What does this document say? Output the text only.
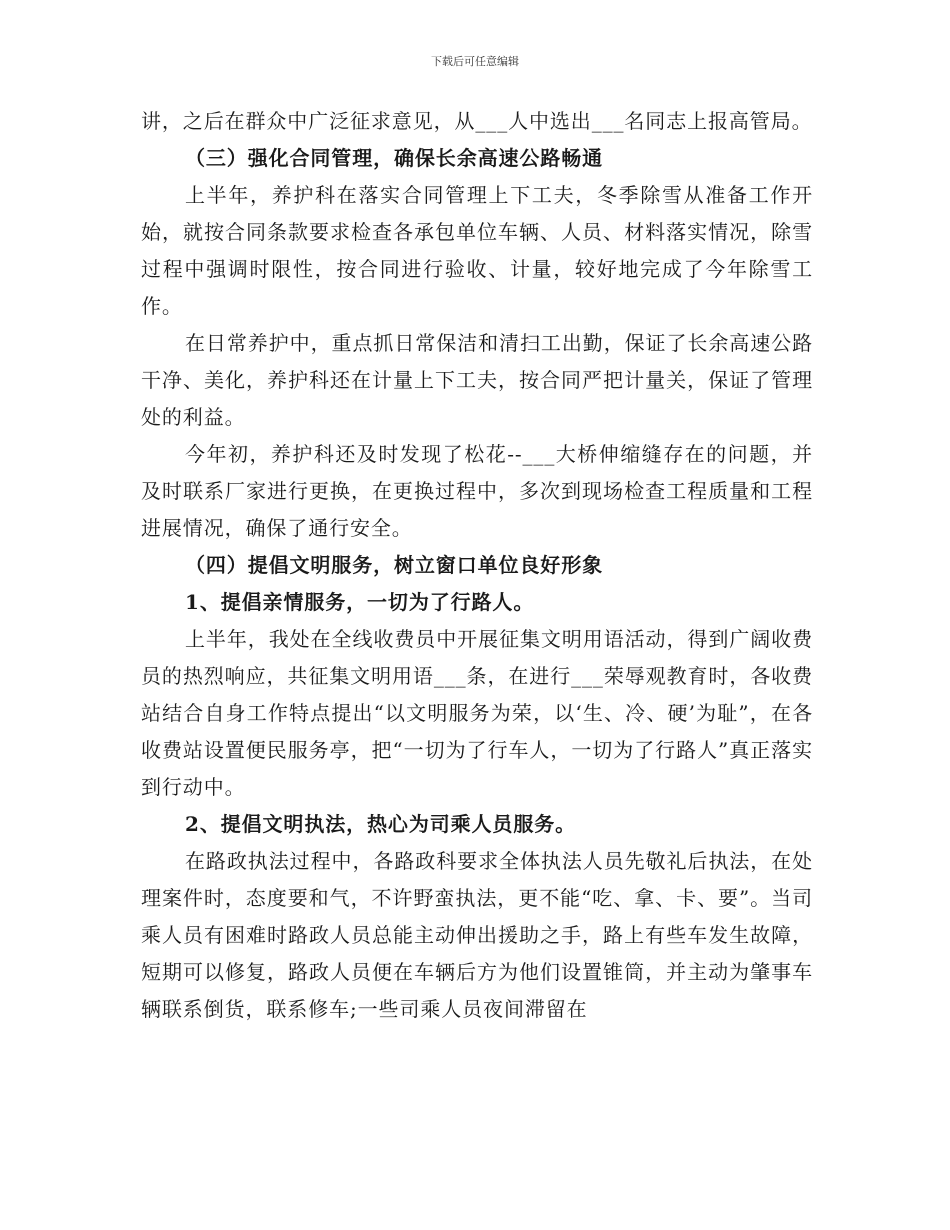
下载后可任意编辑

讲，之后在群众中广泛征求意见，从___人中选出___名同志上报高管局。

（三）强化合同管理，确保长余高速公路畅通

上半年，养护科在落实合同管理上下工夫，冬季除雪从准备工作开始，就按合同条款要求检查各承包单位车辆、人员、材料落实情况，除雪过程中强调时限性，按合同进行验收、计量，较好地完成了今年除雪工作。

在日常养护中，重点抓日常保洁和清扫工出勤，保证了长余高速公路干净、美化，养护科还在计量上下工夫，按合同严把计量关，保证了管理处的利益。

今年初，养护科还及时发现了松花--___大桥伸缩缝存在的问题，并及时联系厂家进行更换，在更换过程中，多次到现场检查工程质量和工程进展情况，确保了通行安全。

（四）提倡文明服务，树立窗口单位良好形象

1、提倡亲情服务，一切为了行路人。

上半年，我处在全线收费员中开展征集文明用语活动，得到广阔收费员的热烈响应，共征集文明用语___条，在进行___荣辱观教育时，各收费站结合自身工作特点提出“以文明服务为荣，以‘生、冷、硬’为耻”，在各收费站设置便民服务亭，把“一切为了行车人，一切为了行路人”真正落实到行动中。

2、提倡文明执法，热心为司乘人员服务。

在路政执法过程中，各路政科要求全体执法人员先敬礼后执法，在处理案件时，态度要和气，不许野蛮执法，更不能“吃、拿、卡、要”。当司乘人员有困难时路政人员总能主动伸出援助之手，路上有些车发生故障，短期可以修复，路政人员便在车辆后方为他们设置锥筒，并主动为肇事车辆联系倒货，联系修车;一些司乘人员夜间滞留在
